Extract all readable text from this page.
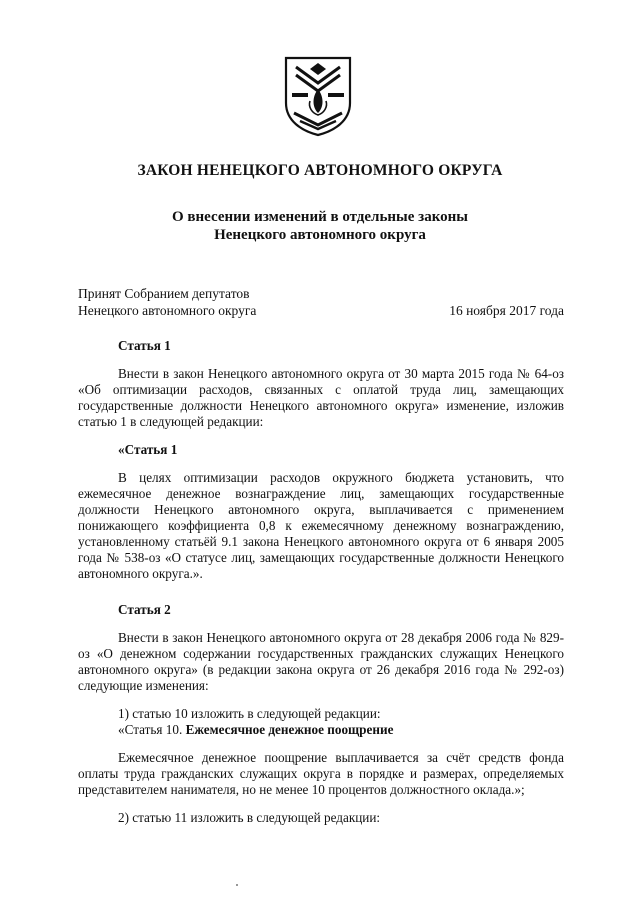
ЗАКОН НЕНЕЦКОГО АВТОНОМНОГО ОКРУГА
О внесении изменений в отдельные законы
Ненецкого автономного округа
Принят Собранием депутатов
Ненецкого автономного округа	16 ноября 2017 года
Статья 1

Внести в закон Ненецкого автономного округа от 30 марта 2015 года № 64-оз «Об оптимизации расходов, связанных с оплатой труда лиц, замещающих государственные должности Ненецкого автономного округа» изменение, изложив статью 1 в следующей редакции:

«Статья 1

В целях оптимизации расходов окружного бюджета установить, что ежемесячное денежное вознаграждение лиц, замещающих государственные должности Ненецкого автономного округа, выплачивается с применением понижающего коэффициента 0,8 к ежемесячному денежному вознаграждению, установленному статьёй 9.1 закона Ненецкого автономного округа от 6 января 2005 года № 538-оз «О статусе лиц, замещающих государственные должности Ненецкого автономного округа.».

Статья 2

Внести в закон Ненецкого автономного округа от 28 декабря 2006 года № 829-оз «О денежном содержании государственных гражданских служащих Ненецкого автономного округа» (в редакции закона округа от 26 декабря 2016 года № 292-оз) следующие изменения:

1) статью 10 изложить в следующей редакции:

«Статья 10. Ежемесячное денежное поощрение

Ежемесячное денежное поощрение выплачивается за счёт средств фонда оплаты труда гражданских служащих округа в порядке и размерах, определяемых представителем нанимателя, но не менее 10 процентов должностного оклада.»;

2) статью 11 изложить в следующей редакции:
